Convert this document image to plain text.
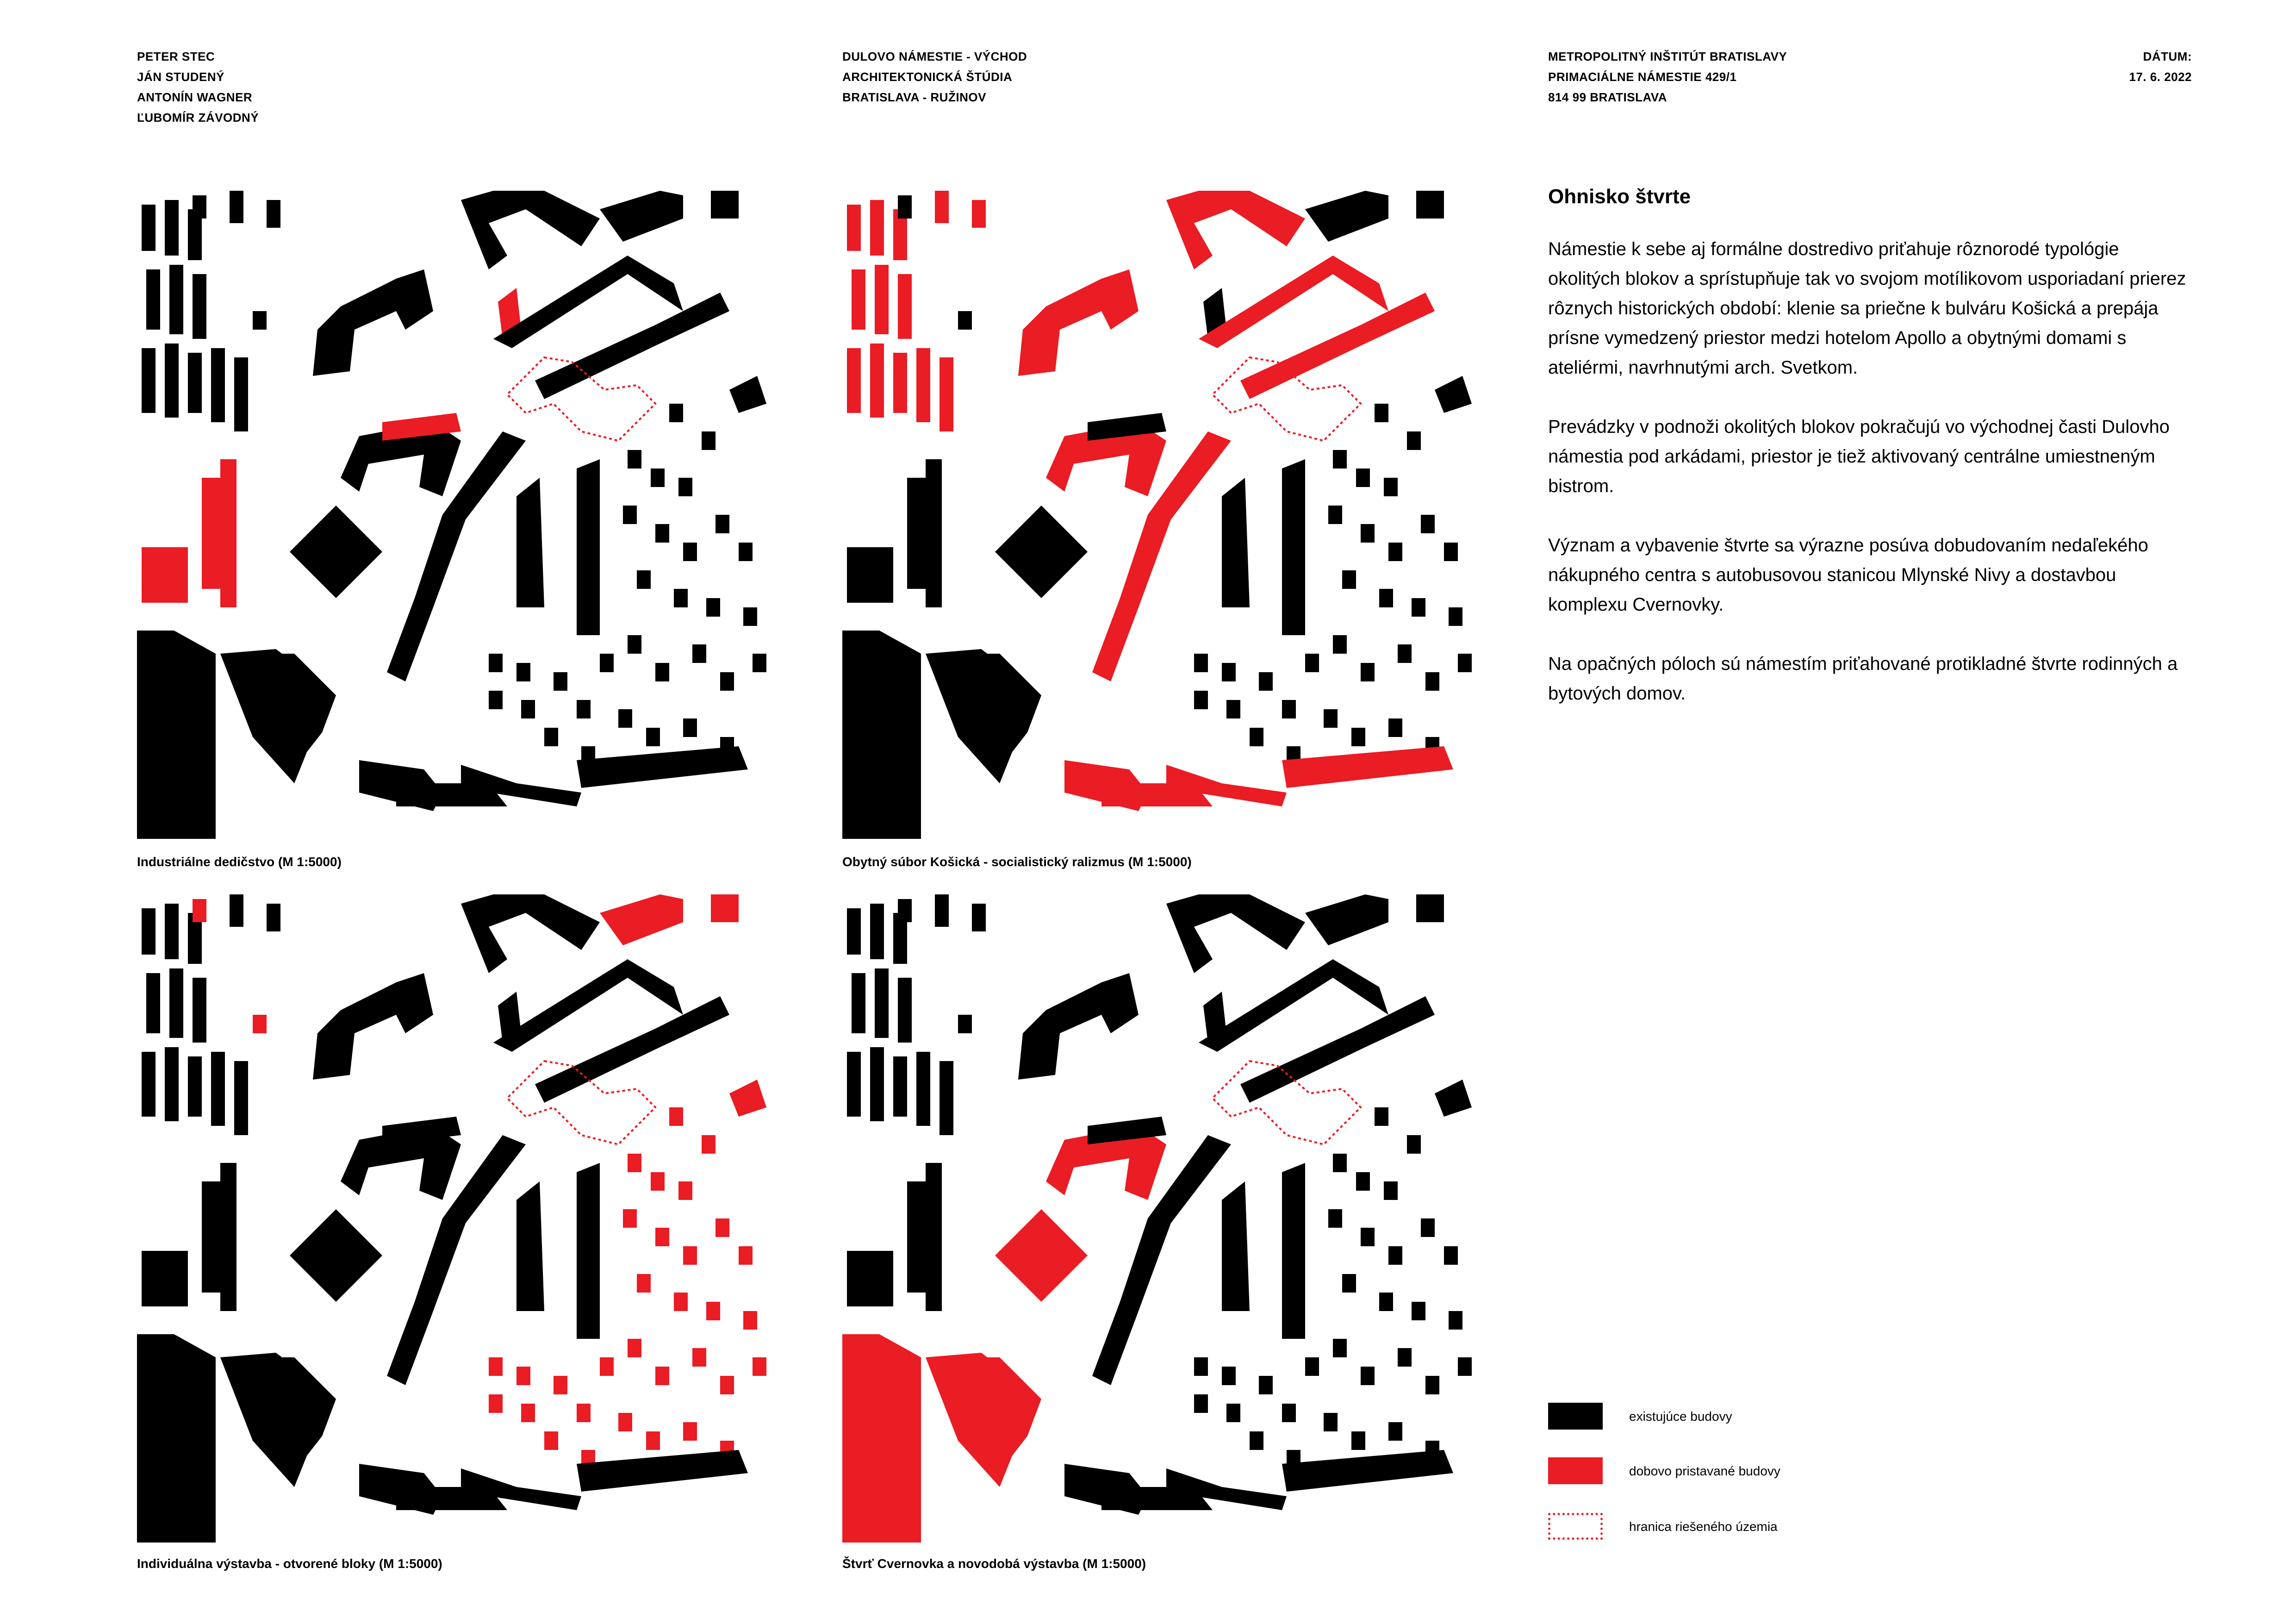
PETER STEC
JÁN STUDENÝ
ANTONÍN WAGNER
ĽUBOMÍR ZÁVODNÝ
DULOVO NÁMESTIE - VÝCHOD
ARCHITEKTONICKÁ ŠTÚDIA
BRATISLAVA - RUŽINOV
METROPOLITNÝ INŠTITÚT BRATISLAVY
PRIMACIÁLNE NÁMESTIE 429/1
814 99 BRATISLAVA
DÁTUM:
17. 6. 2022
Industriálne dedičstvo (M 1:5000)	Obytný súbor Košická - socialistický ralizmus (M 1:5000)
Individuálna výstavba - otvorené bloky (M 1:5000)	Štvrť Cvernovka a novodobá výstavba (M 1:5000)
Ohnisko štvrte

Námestie k sebe aj formálne dostredivo priťahuje rôznorodé typológie okolitých blokov a sprístupňuje tak vo svojom motílikovom usporiadaní prierez rôznych historických období: klenie sa priečne k bulváru Košická a prepája prísne vymedzený priestor medzi hotelom Apollo a obytnými domami s ateliérmi, navrhnutými arch. Svetkom.

Prevádzky v podnoži okolitých blokov pokračujú vo východnej časti Dulovho námestia pod arkádami, priestor je tiež aktivovaný centrálne umiestneným bistrom.

Význam a vybavenie štvrte sa výrazne posúva dobudovaním nedaľekého nákupného centra s autobusovou stanicou Mlynské Nivy a dostavbou komplexu Cvernovky.

Na opačných póloch sú námestím priťahované protikladné štvrte rodinných a bytových domov.

existujúce budovy
dobovo pristavané budovy
hranica riešeného územia
